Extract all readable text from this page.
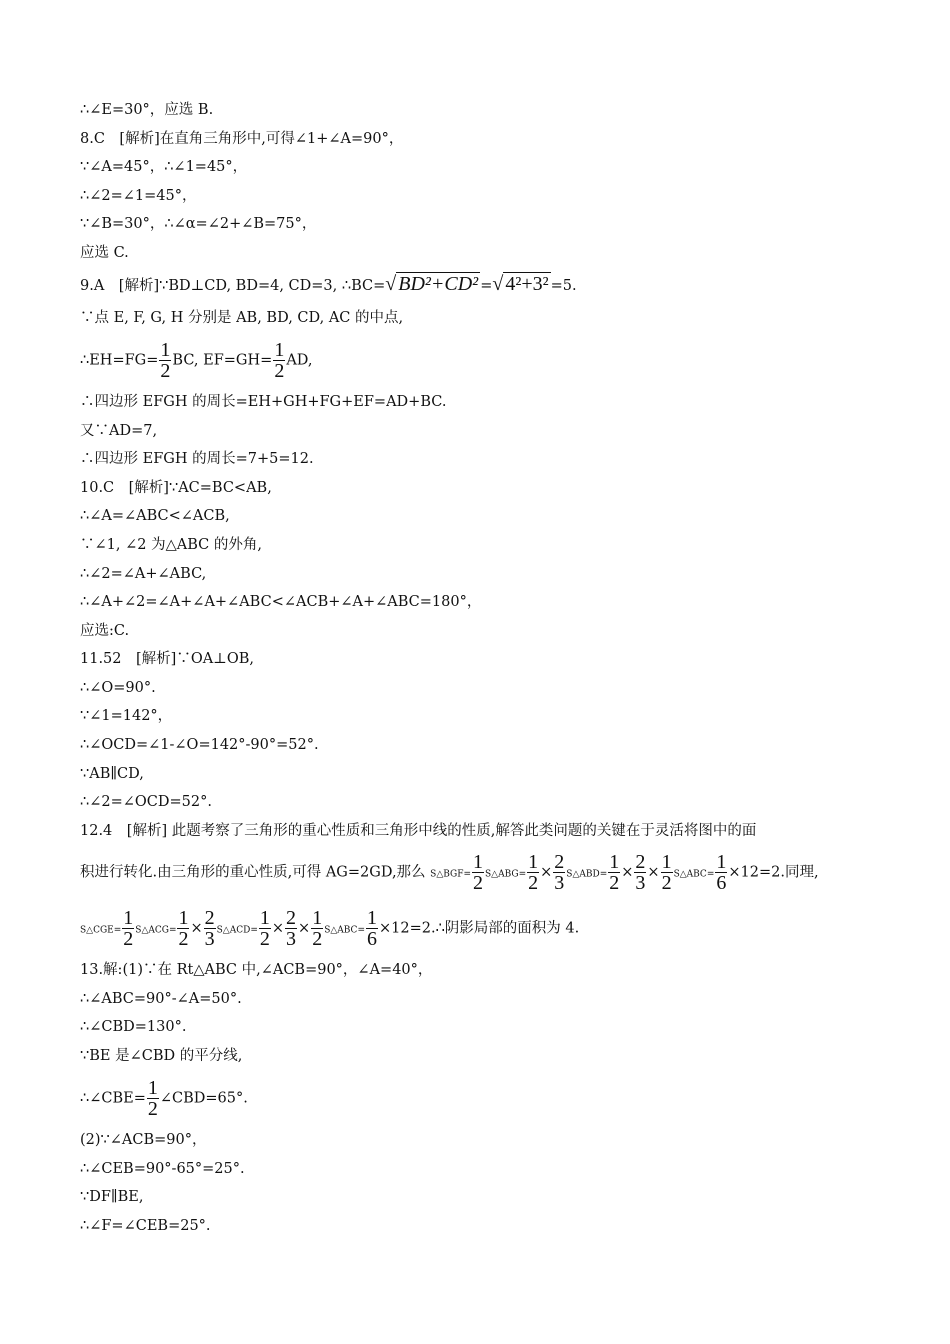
∴∠E=30°，应选 B.
8.C　[解析]在直角三角形中,可得∠1+∠A=90°，
∵∠A=45°，∴∠1=45°，
∴∠2=∠1=45°，
∵∠B=30°，∴∠α=∠2+∠B=75°，
应选 C.
9.A　[解析]∵BD⊥CD, BD=4, CD=3, ∴BC=√ BD²+CD² =√ 4²+3² =5.
∵点 E, F, G, H 分别是 AB, BD, CD, AC 的中点,
∴EH=FG= $\frac{1}{2}$ BC, $EF=GH= \frac{1}{2}$ AD,
∴四边形 EFGH 的周长=EH+GH+FG+EF=AD+BC.
又∵AD=7,
∴四边形 EFGH 的周长=7+5=12.
10.C　[解析]∵AC=BC<AB,
∴∠A=∠ABC<∠ACB,
∵∠1, ∠2 为△ABC 的外角,
∴∠2=∠A+∠ABC,
∴∠A+∠2=∠A+∠A+∠ABC<∠ACB+∠A+∠ABC=180°，
应选:C.
11.52　[解析]∵OA⊥OB,
∴∠O=90°.
∵∠1=142°，
∴∠OCD=∠1-∠O=142°-90°=52°.
∵AB∥CD,
∴∠2=∠OCD=52°.
12.4　[解析] 此题考察了三角形的重心性质和三角形中线的性质,解答此类问题的关键在于灵活将图中的面
积进行转化.由三角形的重心性质,可得 AG=2GD,那么 S△BGF= $\frac{1}{2}$ S△ABG= $\frac{1}{2} \times \frac{2}{3}$ S△ABD= $\frac{1}{2} \times \frac{2}{3} \times \frac{1}{2}$ S△ABC= $\frac{1}{6} \times 12=2$.同理,
S△CGE= $\frac{1}{2}$ S△ACG= $\frac{1}{2} \times \frac{2}{3}$ S△ACD= $\frac{1}{2} \times \frac{2}{3} \times \frac{1}{2}$ S△ABC= $\frac{1}{6}$ ×12=2.∴阴影局部的面积为 4.
13.解:(1)∵在 Rt△ABC 中,∠ACB=90°，∠A=40°，
∴∠ABC=90°-∠A=50°.
∴∠CBD=130°.
∵BE 是∠CBD 的平分线,
∴∠CBE= $\frac{1}{2}$ ∠CBD=65°.
(2)∵∠ACB=90°，
∴∠CEB=90°-65°=25°.
∵DF∥BE,
∴∠F=∠CEB=25°.
